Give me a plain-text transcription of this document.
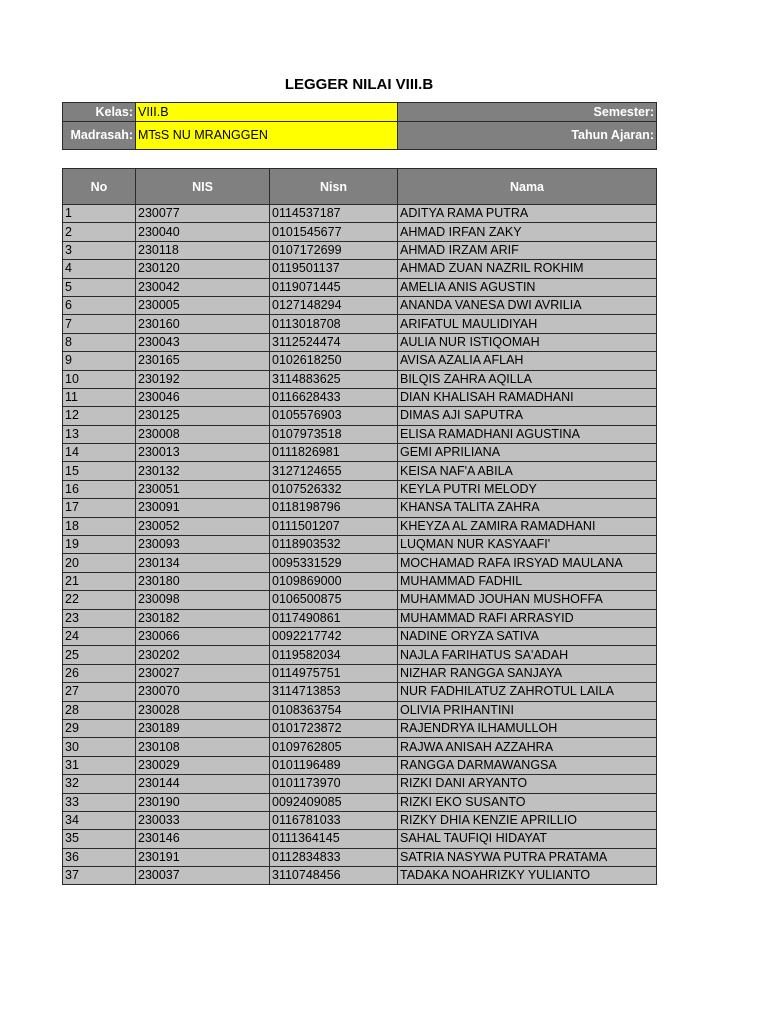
LEGGER NILAI VIII.B
Kelas:	VIII.B	Semester:
Madrasah:	MTsS NU MRANGGEN	Tahun Ajaran:
No	NIS	Nisn	Nama
1	230077	0114537187	ADITYA RAMA PUTRA
2	230040	0101545677	AHMAD IRFAN ZAKY
3	230118	0107172699	AHMAD IRZAM ARIF
4	230120	0119501137	AHMAD ZUAN NAZRIL ROKHIM
5	230042	0119071445	AMELIA ANIS AGUSTIN
6	230005	0127148294	ANANDA VANESA DWI AVRILIA
7	230160	0113018708	ARIFATUL MAULIDIYAH
8	230043	3112524474	AULIA NUR ISTIQOMAH
9	230165	0102618250	AVISA AZALIA AFLAH
10	230192	3114883625	BILQIS ZAHRA AQILLA
11	230046	0116628433	DIAN KHALISAH RAMADHANI
12	230125	0105576903	DIMAS AJI SAPUTRA
13	230008	0107973518	ELISA RAMADHANI AGUSTINA
14	230013	0111826981	GEMI APRILIANA
15	230132	3127124655	KEISA NAF'A ABILA
16	230051	0107526332	KEYLA PUTRI MELODY
17	230091	0118198796	KHANSA TALITA ZAHRA
18	230052	0111501207	KHEYZA AL ZAMIRA RAMADHANI
19	230093	0118903532	LUQMAN NUR KASYAAFI'
20	230134	0095331529	MOCHAMAD RAFA IRSYAD MAULANA
21	230180	0109869000	MUHAMMAD FADHIL
22	230098	0106500875	MUHAMMAD JOUHAN MUSHOFFA
23	230182	0117490861	MUHAMMAD RAFI ARRASYID
24	230066	0092217742	NADINE ORYZA SATIVA
25	230202	0119582034	NAJLA FARIHATUS SA'ADAH
26	230027	0114975751	NIZHAR RANGGA SANJAYA
27	230070	3114713853	NUR FADHILATUZ ZAHROTUL LAILA
28	230028	0108363754	OLIVIA PRIHANTINI
29	230189	0101723872	RAJENDRYA ILHAMULLOH
30	230108	0109762805	RAJWA ANISAH AZZAHRA
31	230029	0101196489	RANGGA DARMAWANGSA
32	230144	0101173970	RIZKI DANI ARYANTO
33	230190	0092409085	RIZKI EKO SUSANTO
34	230033	0116781033	RIZKY DHIA KENZIE APRILLIO
35	230146	0111364145	SAHAL TAUFIQI HIDAYAT
36	230191	0112834833	SATRIA NASYWA PUTRA PRATAMA
37	230037	3110748456	TADAKA NOAHRIZKY YULIANTO
